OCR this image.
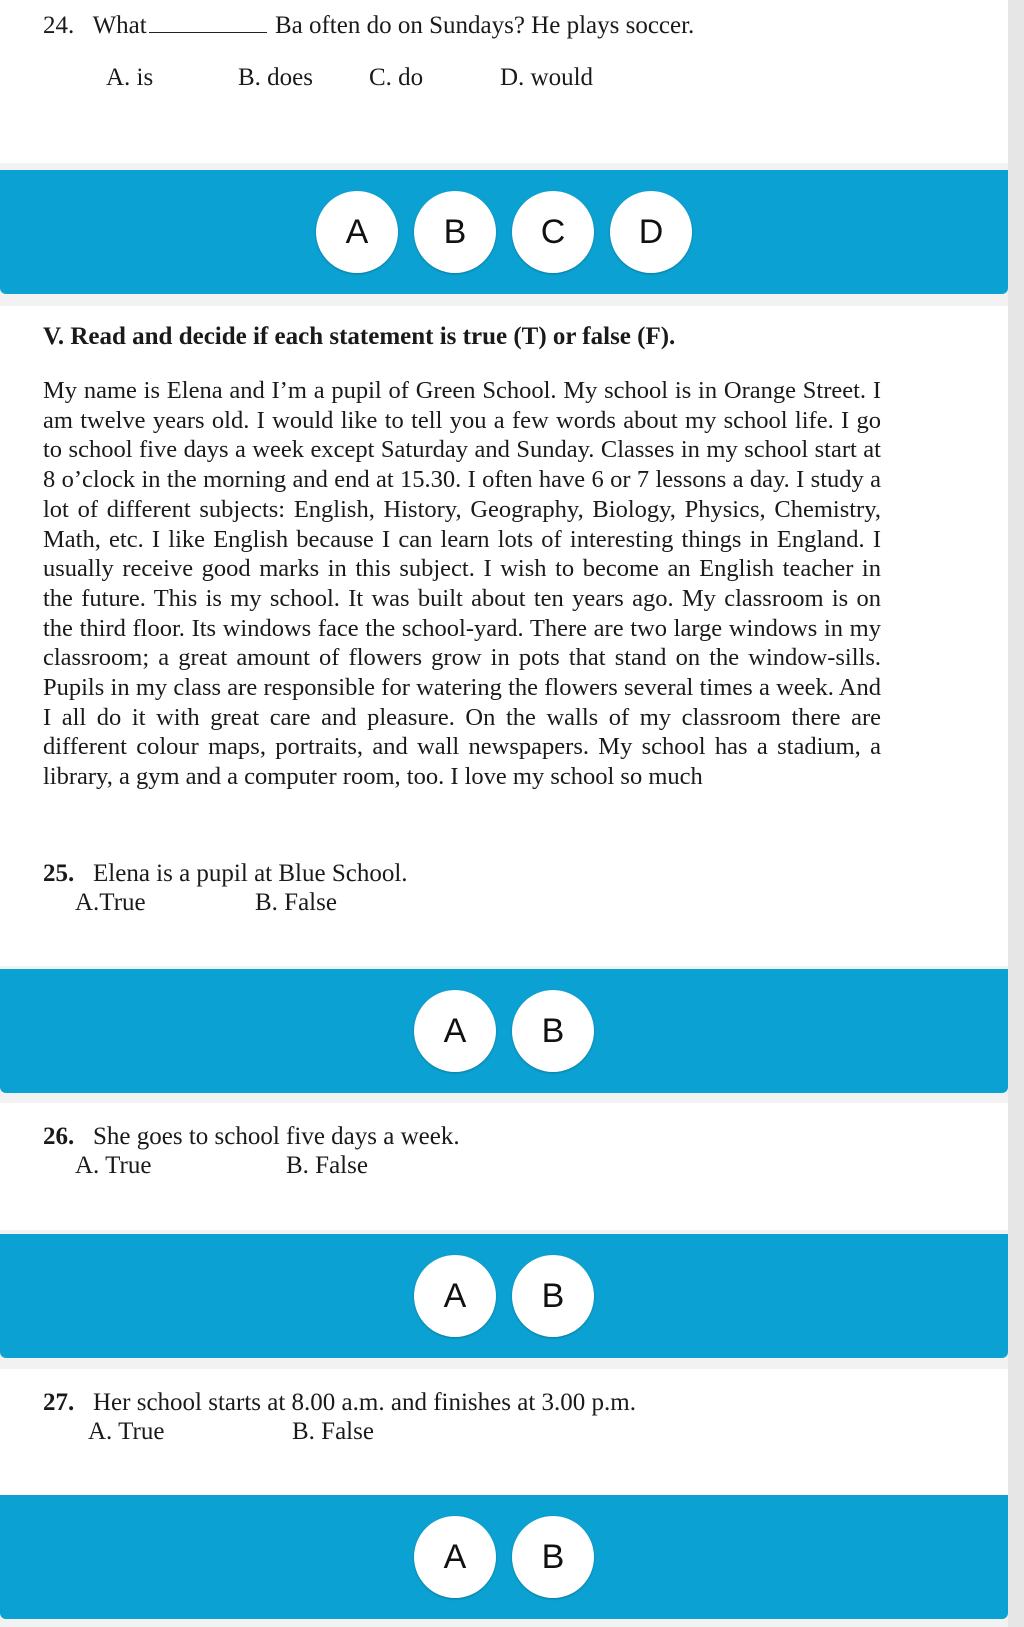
24. What	Ba often do on Sundays? He plays soccer.
A. is	B. does C. do	D. would
A	B	C	D
V. Read and decide if each statement is true (T) or false (F).
My name is Elena and I’m a pupil of Green School. My school is in Orange Street. I am twelve years old. I would like to tell you a few words about my school life. I go to school five days a week except Saturday and Sunday. Classes in my school start at 8 o’clock in the morning and end at 15.30. I often have 6 or 7 lessons a day. I study a lot of different subjects: English, History, Geography, Biology, Physics, Chemistry, Math, etc. I like English because I can learn lots of interesting things in England. I usually receive good marks in this subject. I wish to become an English teacher in the future. This is my school. It was built about ten years ago. My classroom is on the third floor. Its windows face the school-yard. There are two large windows in my classroom; a great amount of flowers grow in pots that stand on the window-sills. Pupils in my class are responsible for watering the flowers several times a week. And I all do it with great care and pleasure. On the walls of my classroom there are different colour maps, portraits, and wall newspapers. My school has a stadium, a library, a gym and a computer room, too. I love my school so much
25. Elena is a pupil at Blue School.
A.True	B. False
A	B
26. She goes to school five days a week.
A. True	B. False
A	B
27. Her school starts at 8.00 a.m. and finishes at 3.00 p.m.
A. True	B. False
A	B
